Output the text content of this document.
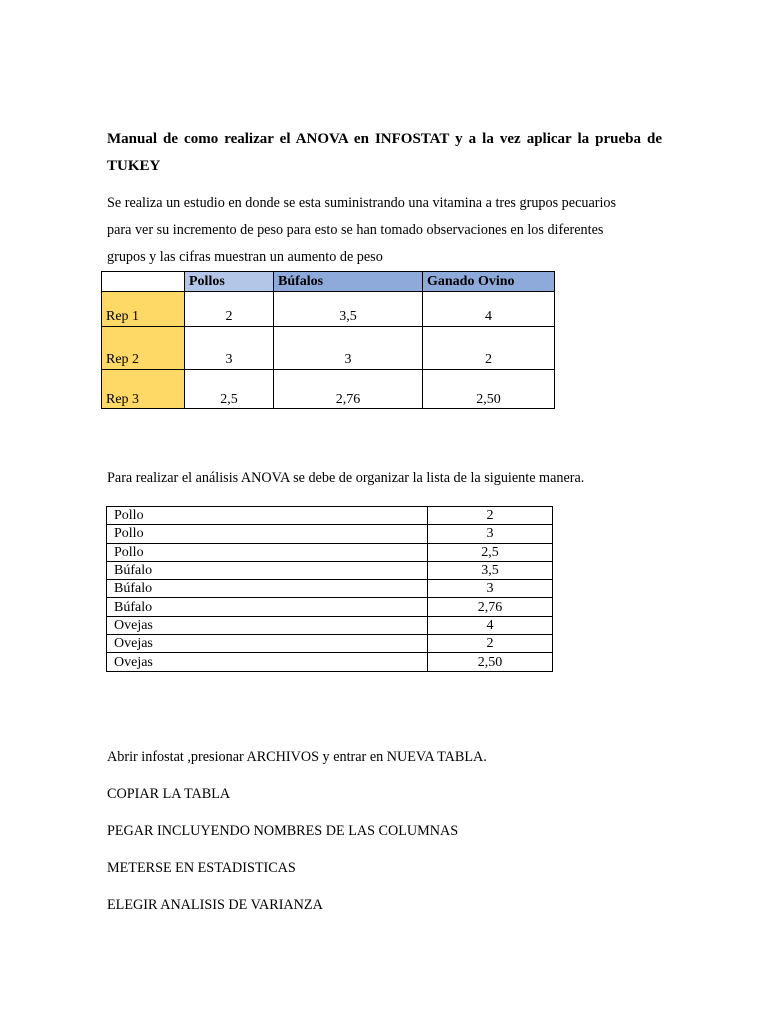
Manual de como realizar el ANOVA en INFOSTAT y a la vez aplicar la prueba de TUKEY
Se realiza un estudio en donde se esta suministrando una vitamina a tres grupos pecuarios
para ver su incremento de peso para esto se han tomado observaciones en los diferentes
grupos y las cifras muestran un aumento de peso
	Pollos	Búfalos	Ganado Ovino
Rep 1	2	3,5	4
Rep 2	3	3	2
Rep 3	2,5	2,76	2,50
Para realizar el análisis ANOVA se debe de organizar la lista de la siguiente manera.
Pollo	2
Pollo	3
Pollo	2,5
Búfalo	3,5
Búfalo	3
Búfalo	2,76
Ovejas	4
Ovejas	2
Ovejas	2,50
Abrir infostat ,presionar ARCHIVOS y entrar en NUEVA TABLA.
COPIAR LA TABLA
PEGAR INCLUYENDO NOMBRES DE LAS COLUMNAS
METERSE EN ESTADISTICAS
ELEGIR ANALISIS DE VARIANZA
